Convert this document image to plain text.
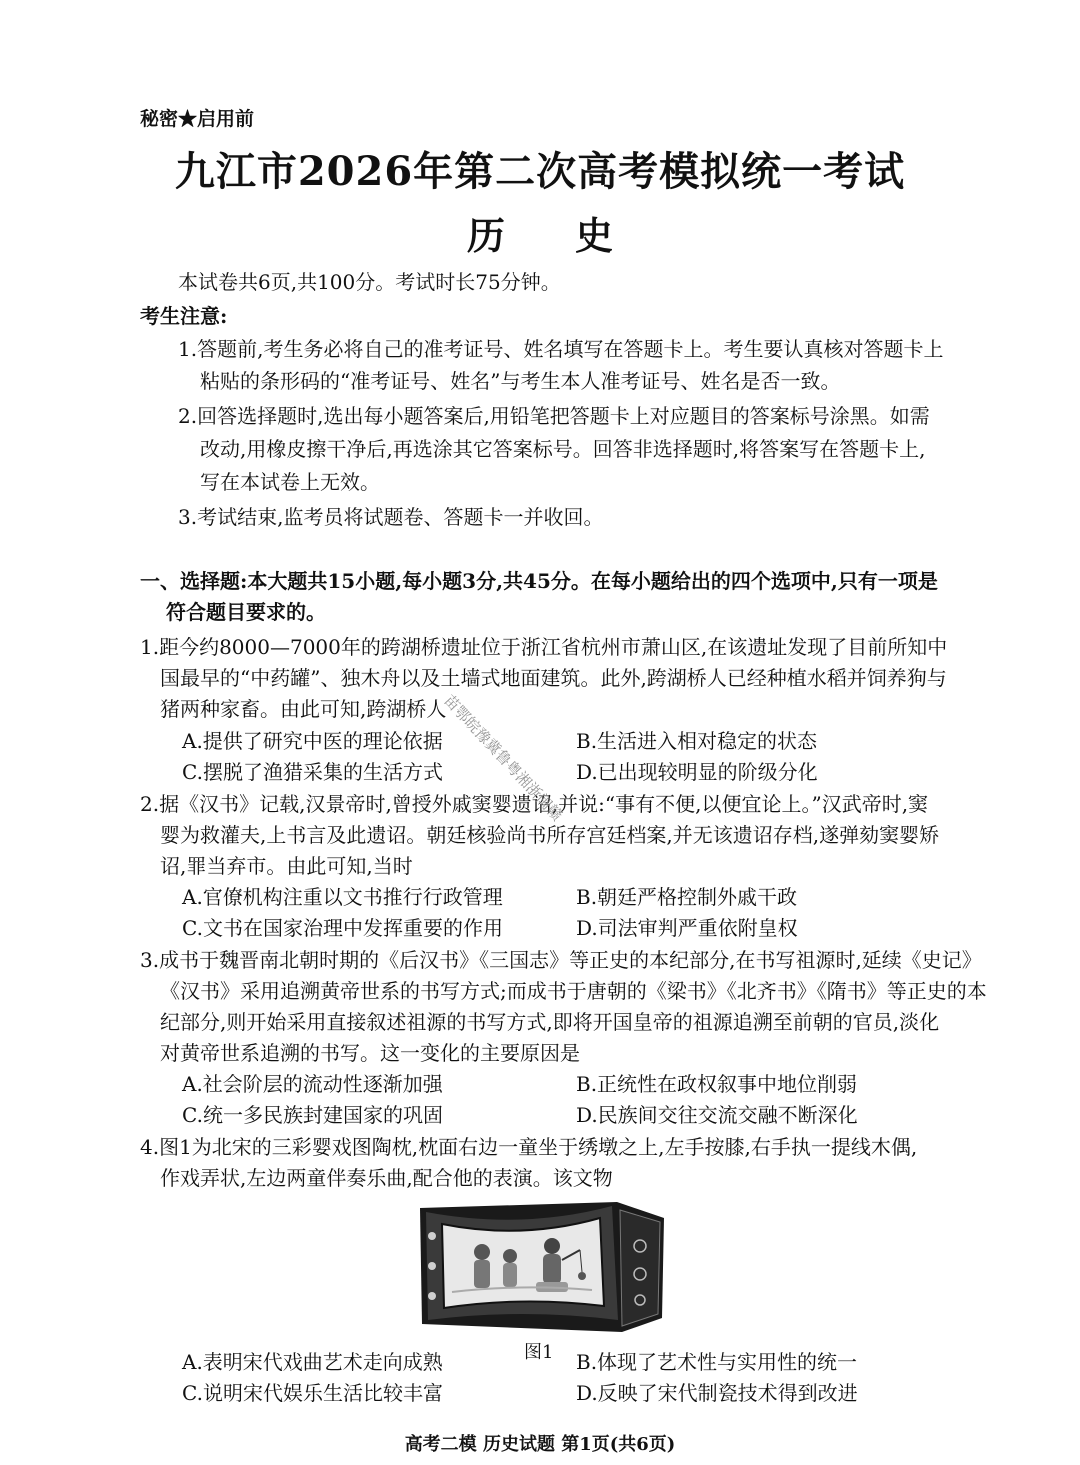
秘密★启用前
九江市2026年第二次高考模拟统一考试
历史
本试卷共6页,共100分。考试时长75分钟。
考生注意:
1.答题前,考生务必将自己的准考证号、姓名填写在答题卡上。考生要认真核对答题卡上
粘贴的条形码的“准考证号、姓名”与考生本人准考证号、姓名是否一致。
2.回答选择题时,选出每小题答案后,用铅笔把答题卡上对应题目的答案标号涂黑。如需
改动,用橡皮擦干净后,再选涂其它答案标号。回答非选择题时,将答案写在答题卡上,
写在本试卷上无效。
3.考试结束,监考员将试题卷、答题卡一并收回。
一、选择题:本大题共15小题,每小题3分,共45分。在每小题给出的四个选项中,只有一项是
符合题目要求的。
1.距今约8000—7000年的跨湖桥遗址位于浙江省杭州市萧山区,在该遗址发现了目前所知中
国最早的“中药罐”、独木舟以及土墙式地面建筑。此外,跨湖桥人已经种植水稻并饲养狗与
猪两种家畜。由此可知,跨湖桥人
A.提供了研究中医的理论依据	B.生活进入相对稳定的状态
C.摆脱了渔猎采集的生活方式	D.已出现较明显的阶级分化
2.据《汉书》记载,汉景帝时,曾授外戚窦婴遗诏,并说:“事有不便,以便宜论上。”汉武帝时,窦
婴为救灌夫,上书言及此遗诏。朝廷核验尚书所存宫廷档案,并无该遗诏存档,遂弹劾窦婴矫
诏,罪当弃市。由此可知,当时
A.官僚机构注重以文书推行行政管理	B.朝廷严格控制外戚干政
C.文书在国家治理中发挥重要的作用	D.司法审判严重依附皇权
3.成书于魏晋南北朝时期的《后汉书》《三国志》等正史的本纪部分,在书写祖源时,延续《史记》
《汉书》采用追溯黄帝世系的书写方式;而成书于唐朝的《梁书》《北齐书》《隋书》等正史的本
纪部分,则开始采用直接叙述祖源的书写方式,即将开国皇帝的祖源追溯至前朝的官员,淡化
对黄帝世系追溯的书写。这一变化的主要原因是
A.社会阶层的流动性逐渐加强	B.正统性在政权叙事中地位削弱
C.统一多民族封建国家的巩固	D.民族间交往交流交融不断深化
4.图1为北宋的三彩婴戏图陶枕,枕面右边一童坐于绣墩之上,左手按膝,右手执一提线木偶,
作戏弄状,左边两童伴奏乐曲,配合他的表演。该文物
图1
A.表明宋代戏曲艺术走向成熟	B.体现了艺术性与实用性的统一
C.说明宋代娱乐生活比较丰富	D.反映了宋代制瓷技术得到改进
苗鄂皖豫冀鲁粤湘浙闽赣
高考二模 历史试题 第1页(共6页)
